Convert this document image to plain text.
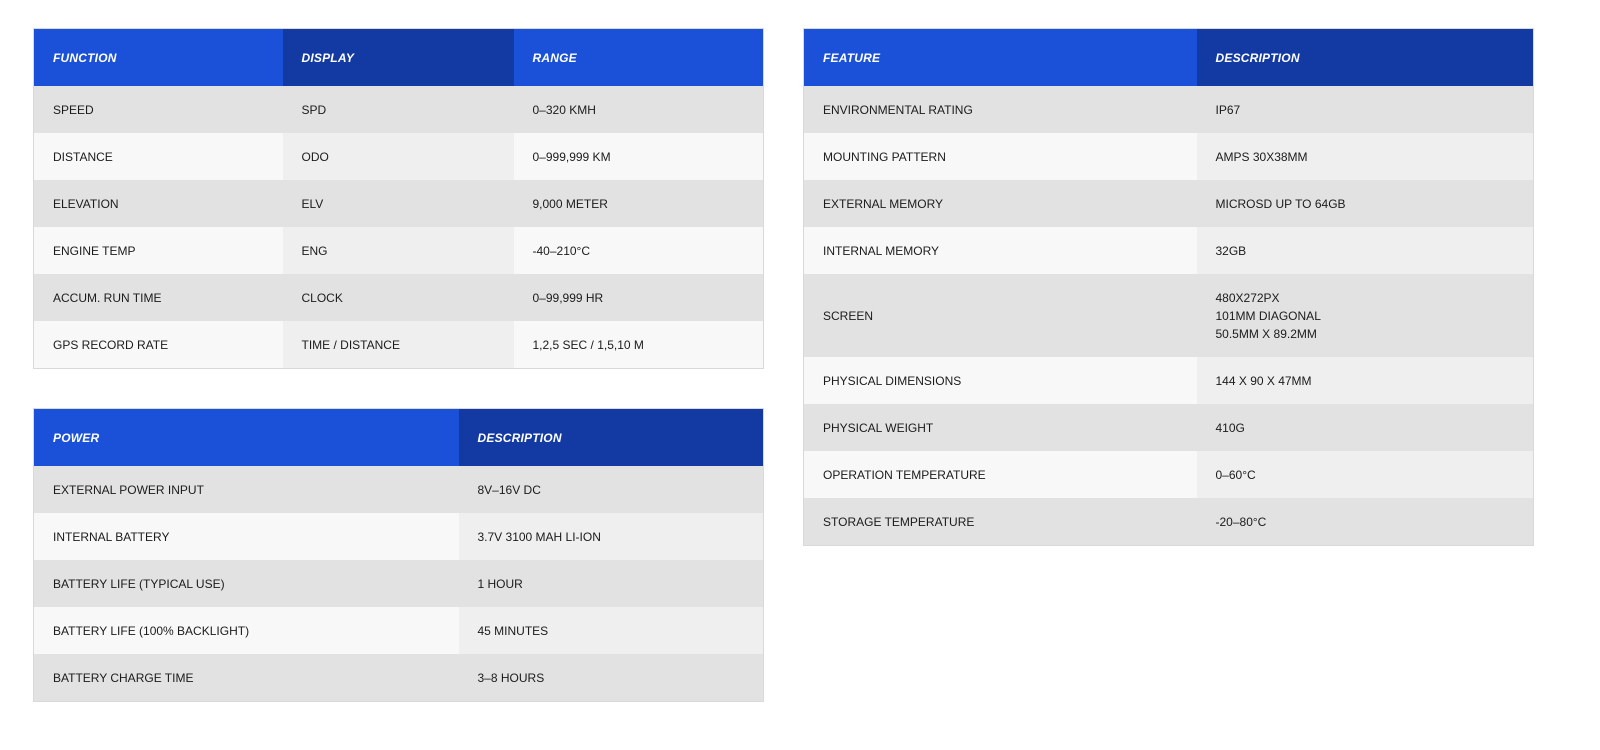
FUNCTION	DISPLAY	RANGE
SPEED	SPD	0–320 KMH
DISTANCE	ODO	0–999,999 KM
ELEVATION	ELV	9,000 METER
ENGINE TEMP	ENG	-40–210°C
ACCUM. RUN TIME	CLOCK	0–99,999 HR
GPS RECORD RATE	TIME / DISTANCE	1,2,5 SEC / 1,5,10 M
POWER	DESCRIPTION
EXTERNAL POWER INPUT	8V–16V DC
INTERNAL BATTERY	3.7V 3100 MAH LI-ION
BATTERY LIFE (TYPICAL USE)	1 HOUR
BATTERY LIFE (100% BACKLIGHT)	45 MINUTES
BATTERY CHARGE TIME	3–8 HOURS
FEATURE	DESCRIPTION
ENVIRONMENTAL RATING	IP67
MOUNTING PATTERN	AMPS 30X38MM
EXTERNAL MEMORY	MICROSD UP TO 64GB
INTERNAL MEMORY	32GB
SCREEN	480X272PX
101MM DIAGONAL
50.5MM X 89.2MM

PHYSICAL DIMENSIONS	144 X 90 X 47MM
PHYSICAL WEIGHT	410G
OPERATION TEMPERATURE	0–60°C
STORAGE TEMPERATURE	-20–80°C
